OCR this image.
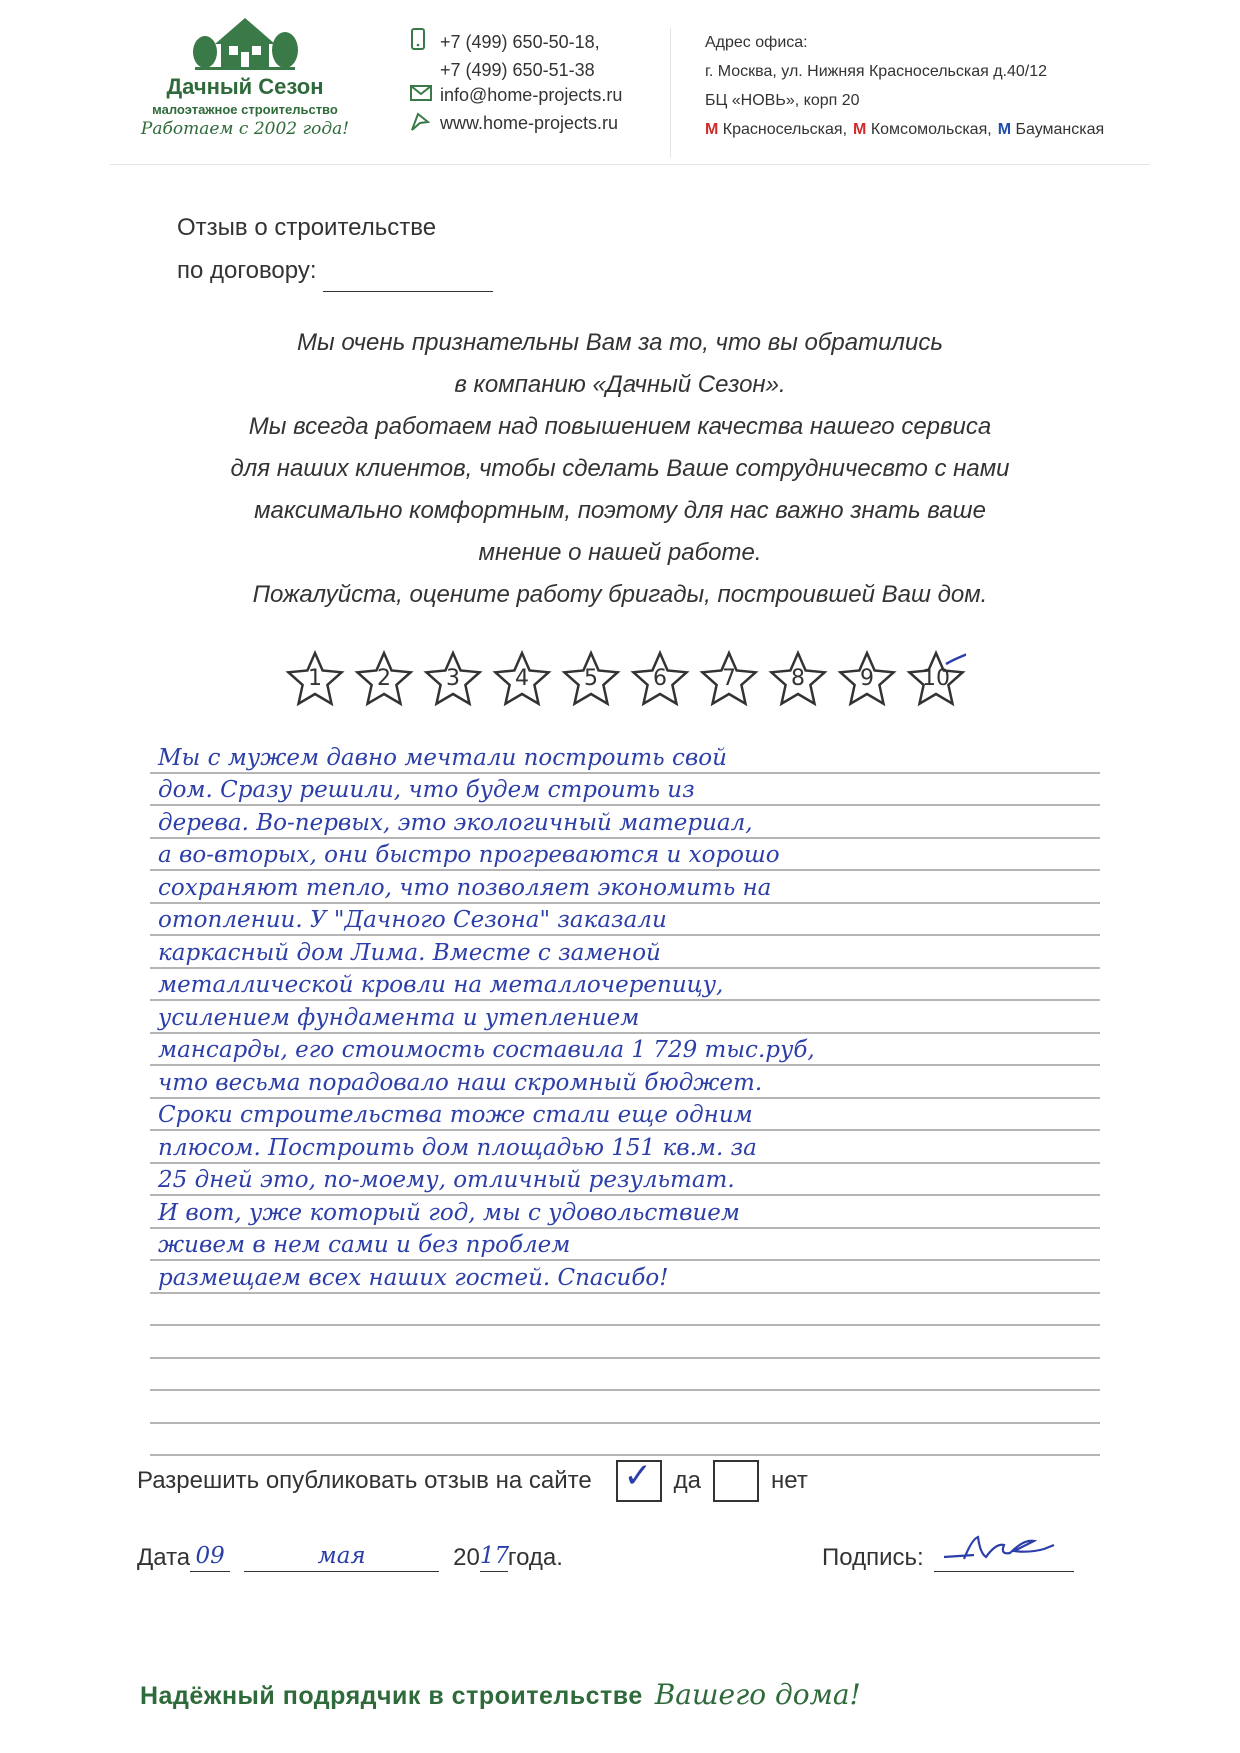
Дачный Сезон
малоэтажное строительство
Работаем с 2002 года!
+7 (499) 650-50-18,
+7 (499) 650-51-38
info@home-projects.ru
www.home-projects.ru
Адрес офиса:
г. Москва, ул. Нижняя Красносельская д.40/12
БЦ «НОВЬ», корп 20
M Красносельская, M Комсомольская, M Бауманская
Отзыв о строительстве
по договору:
Мы очень признательны Вам за то, что вы обратились
в компанию «Дачный Сезон».
Мы всегда работаем над повышением качества нашего сервиса
для наших клиентов, чтобы сделать Ваше сотрудничесвто с нами
максимально комфортным, поэтому для нас важно знать ваше
мнение о нашей работе.
Пожалуйста, оцените работу бригады, построившей Ваш дом.
1	2	3	4	5	6	7	8	9	10
Мы с мужем давно мечтали построить свой
дом. Сразу решили, что будем строить из
дерева. Во-первых, это экологичный материал,
а во-вторых, они быстро прогреваются и хорошо
сохраняют тепло, что позволяет экономить на
отоплении. У "Дачного Сезона" заказали
каркасный дом Лима. Вместе с заменой
металлической кровли на металлочерепицу,
усилением фундамента и утеплением
мансарды, его стоимость составила 1 729 тыс.руб,
что весьма порадовало наш скромный бюджет.
Сроки строительства тоже стали еще одним
плюсом. Построить дом площадью 151 кв.м. за
25 дней это, по-моему, отличный результат.
И вот, уже который год, мы с удовольствием
живем в нем сами и без проблем
размещаем всех наших гостей. Спасибо!
Разрешить опубликовать отзыв на сайте ✓ да	нет
Дата 09	мая	20 17
года.	Подпись:
Надёжный подрядчик в строительстве Вашего дома!
